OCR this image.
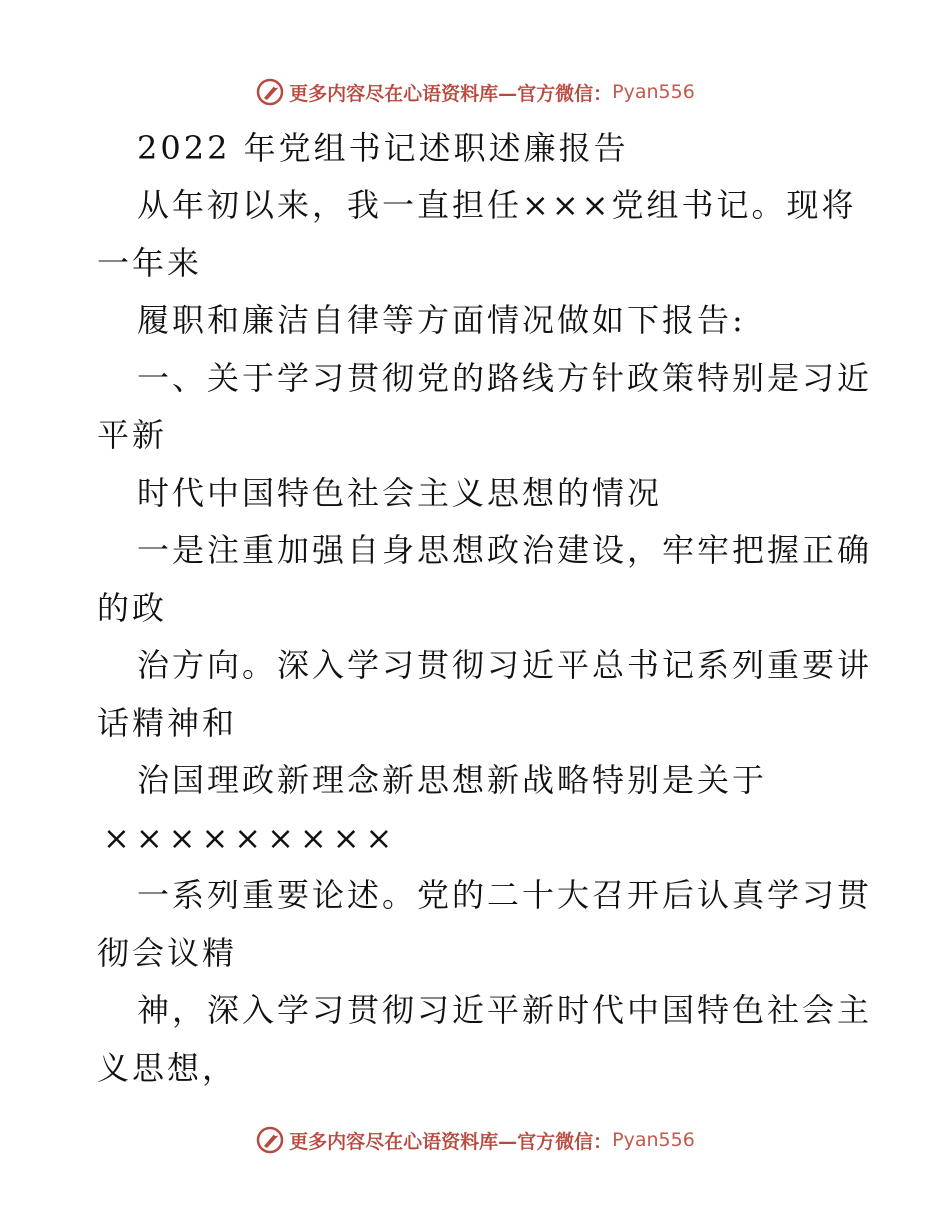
更多内容尽在心语资料库—官方微信： Pyan556
2022 年党组书记述职述廉报告
从年初以来，我一直担任×××党组书记。现将
一年来
履职和廉洁自律等方面情况做如下报告:
一、关于学习贯彻党的路线方针政策特别是习近
平新
时代中国特色社会主义思想的情况
一是注重加强自身思想政治建设，牢牢把握正确
的政
治方向。深入学习贯彻习近平总书记系列重要讲
话精神和
治国理政新理念新思想新战略特别是关于
×××××××××
一系列重要论述。党的二十大召开后认真学习贯
彻会议精
神，深入学习贯彻习近平新时代中国特色社会主
义思想，
更多内容尽在心语资料库—官方微信： Pyan556
